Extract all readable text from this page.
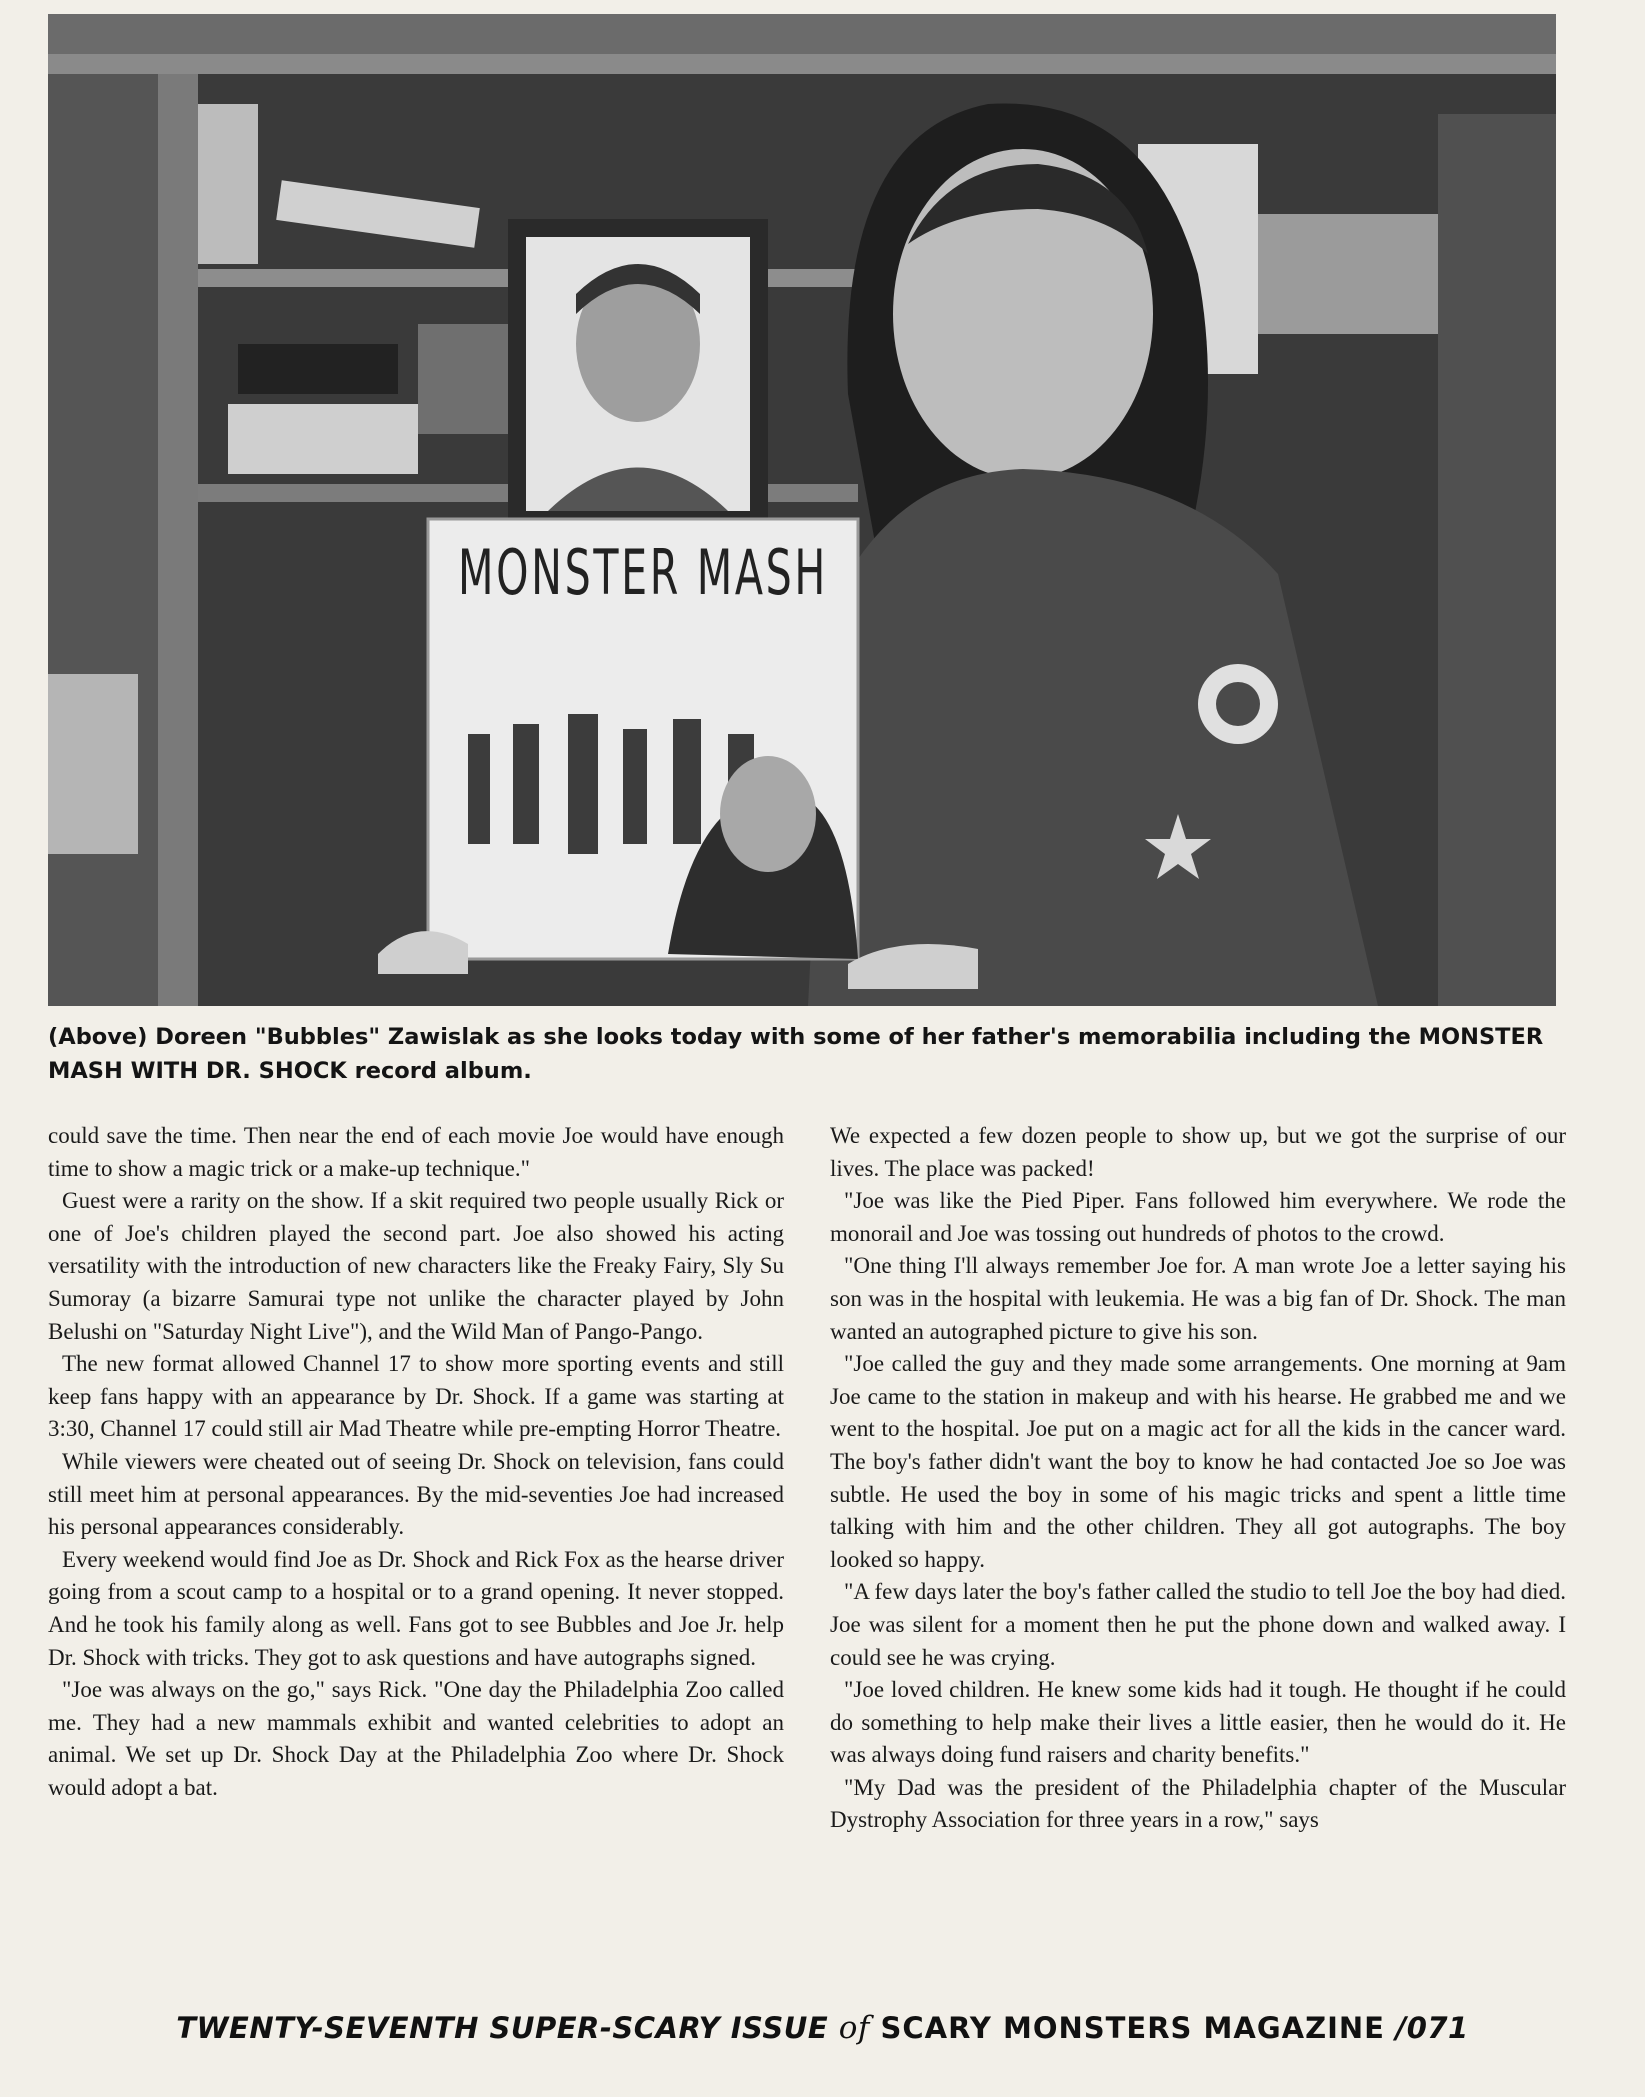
MONSTER MASH
(Above) Doreen "Bubbles" Zawislak as she looks today with some of her father's memorabilia including the MONSTER MASH WITH DR. SHOCK record album.

could save the time. Then near the end of each movie Joe would have enough time to show a magic trick or a make-up technique."

Guest were a rarity on the show. If a skit required two people usually Rick or one of Joe's children played the second part. Joe also showed his acting versatility with the introduction of new characters like the Freaky Fairy, Sly Su Sumoray (a bizarre Samurai type not unlike the character played by John Belushi on "Saturday Night Live"), and the Wild Man of Pango-Pango.

The new format allowed Channel 17 to show more sporting events and still keep fans happy with an appearance by Dr. Shock. If a game was starting at 3:30, Channel 17 could still air Mad Theatre while pre-empting Horror Theatre.

While viewers were cheated out of seeing Dr. Shock on television, fans could still meet him at personal appearances. By the mid-seventies Joe had increased his personal appearances considerably.

Every weekend would find Joe as Dr. Shock and Rick Fox as the hearse driver going from a scout camp to a hospital or to a grand opening. It never stopped. And he took his family along as well. Fans got to see Bubbles and Joe Jr. help Dr. Shock with tricks. They got to ask questions and have autographs signed.

"Joe was always on the go," says Rick. "One day the Philadelphia Zoo called me. They had a new mammals exhibit and wanted celebrities to adopt an animal. We set up Dr. Shock Day at the Philadelphia Zoo where Dr. Shock would adopt a bat.

We expected a few dozen people to show up, but we got the surprise of our lives. The place was packed!

"Joe was like the Pied Piper. Fans followed him everywhere. We rode the monorail and Joe was tossing out hundreds of photos to the crowd.

"One thing I'll always remember Joe for. A man wrote Joe a letter saying his son was in the hospital with leukemia. He was a big fan of Dr. Shock. The man wanted an autographed picture to give his son.

"Joe called the guy and they made some arrangements. One morning at 9am Joe came to the station in makeup and with his hearse. He grabbed me and we went to the hospital. Joe put on a magic act for all the kids in the cancer ward. The boy's father didn't want the boy to know he had contacted Joe so Joe was subtle. He used the boy in some of his magic tricks and spent a little time talking with him and the other children. They all got autographs. The boy looked so happy.

"A few days later the boy's father called the studio to tell Joe the boy had died. Joe was silent for a moment then he put the phone down and walked away. I could see he was crying.

"Joe loved children. He knew some kids had it tough. He thought if he could do something to help make their lives a little easier, then he would do it. He was always doing fund raisers and charity benefits."

"My Dad was the president of the Philadelphia chapter of the Muscular Dystrophy Association for three years in a row," says

TWENTY-SEVENTH SUPER-SCARY ISSUE of SCARY MONSTERS MAGAZINE /071
